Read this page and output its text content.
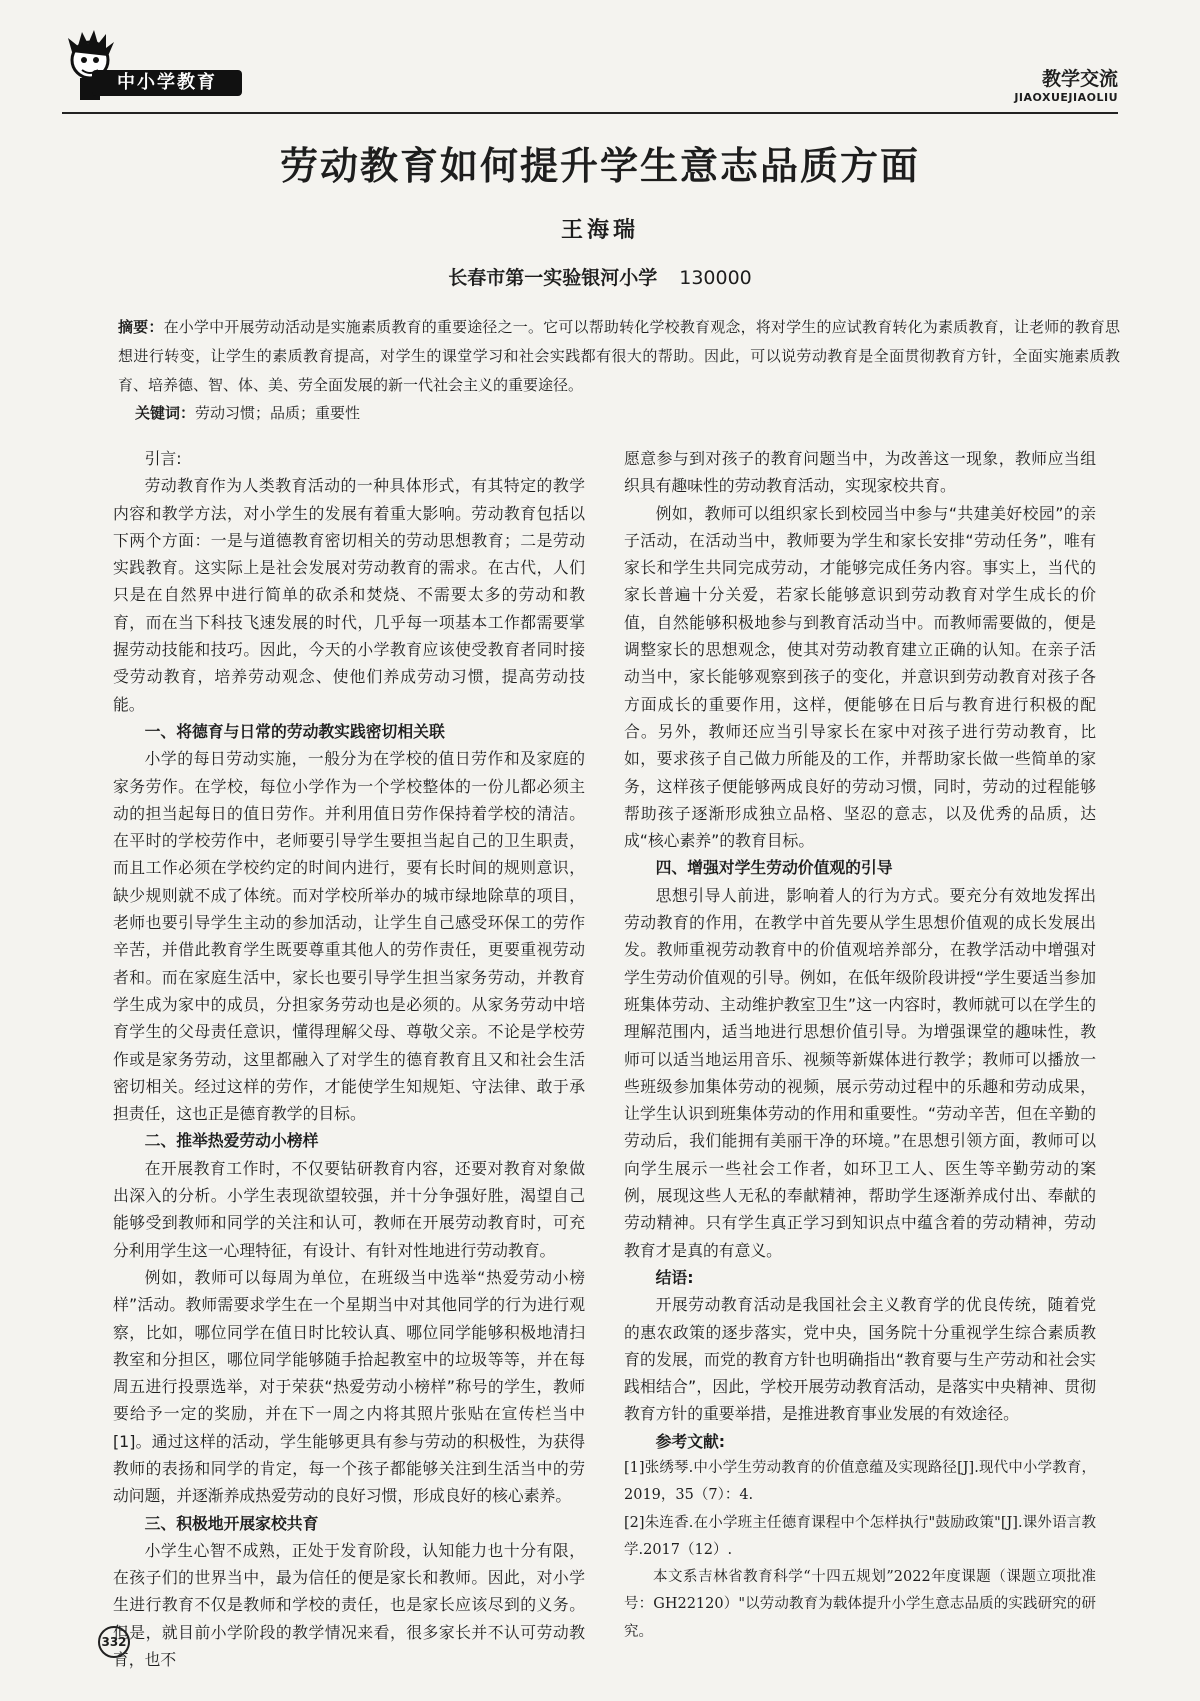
中小学教育	教学交流
JIAOXUEJIAOLIU
劳动教育如何提升学生意志品质方面
王海瑞
长春市第一实验银河小学 130000
摘要：在小学中开展劳动活动是实施素质教育的重要途径之一。它可以帮助转化学校教育观念，将对学生的应试教育转化为素质教育，让老师的教育思想进行转变，让学生的素质教育提高，对学生的课堂学习和社会实践都有很大的帮助。因此，可以说劳动教育是全面贯彻教育方针，全面实施素质教育、培养德、智、体、美、劳全面发展的新一代社会主义的重要途径。
关键词：劳动习惯；品质；重要性

引言:

劳动教育作为人类教育活动的一种具体形式，有其特定的教学内容和教学方法，对小学生的发展有着重大影响。劳动教育包括以下两个方面：一是与道德教育密切相关的劳动思想教育；二是劳动实践教育。这实际上是社会发展对劳动教育的需求。在古代，人们只是在自然界中进行简单的砍杀和焚烧、不需要太多的劳动和教育，而在当下科技飞速发展的时代，几乎每一项基本工作都需要掌握劳动技能和技巧。因此，今天的小学教育应该使受教育者同时接受劳动教育，培养劳动观念、使他们养成劳动习惯，提高劳动技能。

一、将德育与日常的劳动教实践密切相关联

小学的每日劳动实施，一般分为在学校的值日劳作和及家庭的家务劳作。在学校，每位小学作为一个学校整体的一份儿都必须主动的担当起每日的值日劳作。并利用值日劳作保持着学校的清洁。在平时的学校劳作中，老师要引导学生要担当起自己的卫生职责，而且工作必须在学校约定的时间内进行，要有长时间的规则意识，缺少规则就不成了体统。而对学校所举办的城市绿地除草的项目，老师也要引导学生主动的参加活动，让学生自己感受环保工的劳作辛苦，并借此教育学生既要尊重其他人的劳作责任，更要重视劳动者和。而在家庭生活中，家长也要引导学生担当家务劳动，并教育学生成为家中的成员，分担家务劳动也是必须的。从家务劳动中培育学生的父母责任意识，懂得理解父母、尊敬父亲。不论是学校劳作或是家务劳动，这里都融入了对学生的德育教育且又和社会生活密切相关。经过这样的劳作，才能使学生知规矩、守法律、敢于承担责任，这也正是德育教学的目标。

二、推举热爱劳动小榜样

在开展教育工作时，不仅要钻研教育内容，还要对教育对象做出深入的分析。小学生表现欲望较强，并十分争强好胜，渴望自己能够受到教师和同学的关注和认可，教师在开展劳动教育时，可充分利用学生这一心理特征，有设计、有针对性地进行劳动教育。

例如，教师可以每周为单位，在班级当中选举“热爱劳动小榜样”活动。教师需要求学生在一个星期当中对其他同学的行为进行观察，比如，哪位同学在值日时比较认真、哪位同学能够积极地清扫教室和分担区，哪位同学能够随手拾起教室中的垃圾等等，并在每周五进行投票选举，对于荣获“热爱劳动小榜样”称号的学生，教师要给予一定的奖励，并在下一周之内将其照片张贴在宣传栏当中[1]。通过这样的活动，学生能够更具有参与劳动的积极性，为获得教师的表扬和同学的肯定，每一个孩子都能够关注到生活当中的劳动问题，并逐渐养成热爱劳动的良好习惯，形成良好的核心素养。

三、积极地开展家校共育

小学生心智不成熟，正处于发育阶段，认知能力也十分有限，在孩子们的世界当中，最为信任的便是家长和教师。因此，对小学生进行教育不仅是教师和学校的责任，也是家长应该尽到的义务。但是，就目前小学阶段的教学情况来看，很多家长并不认可劳动教育，也不

愿意参与到对孩子的教育问题当中，为改善这一现象，教师应当组织具有趣味性的劳动教育活动，实现家校共育。

例如，教师可以组织家长到校园当中参与“共建美好校园”的亲子活动，在活动当中，教师要为学生和家长安排“劳动任务”，唯有家长和学生共同完成劳动，才能够完成任务内容。事实上，当代的家长普遍十分关爱，若家长能够意识到劳动教育对学生成长的价值，自然能够积极地参与到教育活动当中。而教师需要做的，便是调整家长的思想观念，使其对劳动教育建立正确的认知。在亲子活动当中，家长能够观察到孩子的变化，并意识到劳动教育对孩子各方面成长的重要作用，这样，便能够在日后与教育进行积极的配合。另外，教师还应当引导家长在家中对孩子进行劳动教育，比如，要求孩子自己做力所能及的工作，并帮助家长做一些简单的家务，这样孩子便能够两成良好的劳动习惯，同时，劳动的过程能够帮助孩子逐渐形成独立品格、坚忍的意志，以及优秀的品质，达成“核心素养”的教育目标。

四、增强对学生劳动价值观的引导

思想引导人前进，影响着人的行为方式。要充分有效地发挥出劳动教育的作用，在教学中首先要从学生思想价值观的成长发展出发。教师重视劳动教育中的价值观培养部分，在教学活动中增强对学生劳动价值观的引导。例如，在低年级阶段讲授“学生要适当参加班集体劳动、主动维护教室卫生”这一内容时，教师就可以在学生的理解范围内，适当地进行思想价值引导。为增强课堂的趣味性，教师可以适当地运用音乐、视频等新媒体进行教学；教师可以播放一些班级参加集体劳动的视频，展示劳动过程中的乐趣和劳动成果，让学生认识到班集体劳动的作用和重要性。“劳动辛苦，但在辛勤的劳动后，我们能拥有美丽干净的环境。”在思想引领方面，教师可以向学生展示一些社会工作者，如环卫工人、医生等辛勤劳动的案例，展现这些人无私的奉献精神，帮助学生逐渐养成付出、奉献的劳动精神。只有学生真正学习到知识点中蕴含着的劳动精神，劳动教育才是真的有意义。

结语:

开展劳动教育活动是我国社会主义教育学的优良传统，随着党的惠农政策的逐步落实，党中央，国务院十分重视学生综合素质教育的发展，而党的教育方针也明确指出“教育要与生产劳动和社会实践相结合”，因此，学校开展劳动教育活动，是落实中央精神、贯彻教育方针的重要举措，是推进教育事业发展的有效途径。

参考文献:

[1]张绣琴.中小学生劳动教育的价值意蕴及实现路径[J].现代中小学教育，2019，35（7）：4.

[2]朱连香.在小学班主任德育课程中个怎样执行"鼓励政策"[J].课外语言教学.2017（12）.

本文系吉林省教育科学“十四五规划”2022年度课题（课题立项批准号：GH22120）"以劳动教育为载体提升小学生意志品质的实践研究的研究。

332
